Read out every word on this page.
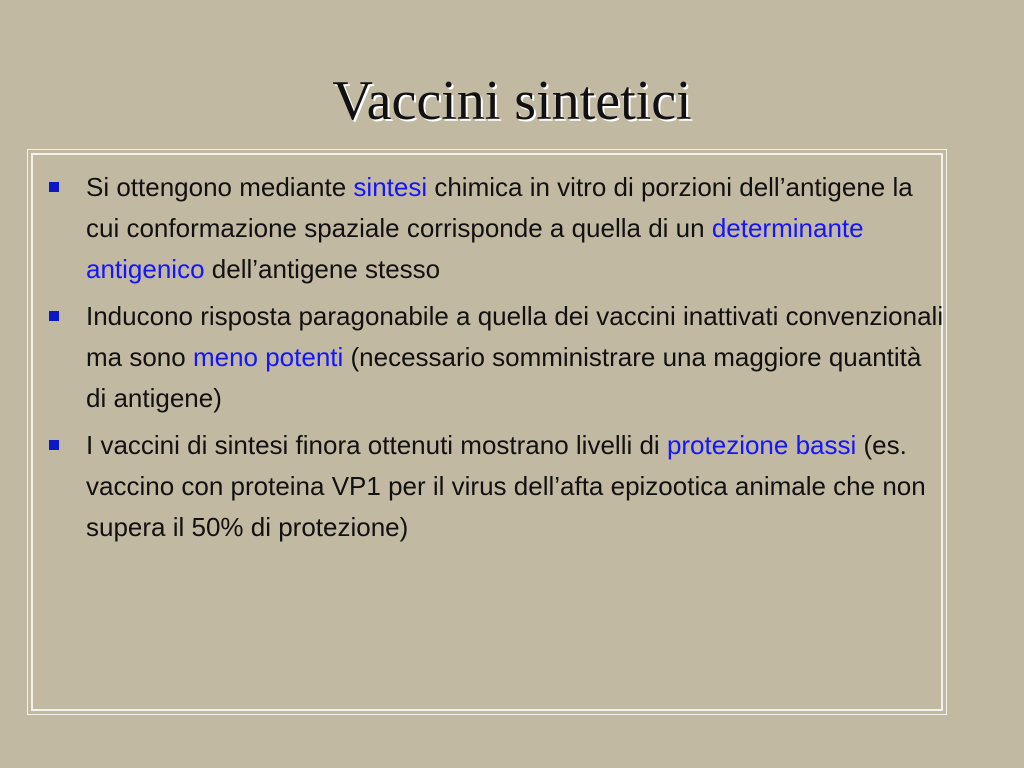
Vaccini sintetici
Si ottengono mediante sintesi chimica in vitro di porzioni dell’antigene la cui conformazione spaziale corrisponde a quella di un determinante antigenico dell’antigene stesso
Inducono risposta paragonabile a quella dei vaccini inattivati convenzionali ma sono meno potenti (necessario somministrare una maggiore quantità di antigene)
I vaccini di sintesi finora ottenuti mostrano livelli di protezione bassi (es. vaccino con proteina VP1 per il virus dell’afta epizootica animale che non supera il 50% di protezione)
